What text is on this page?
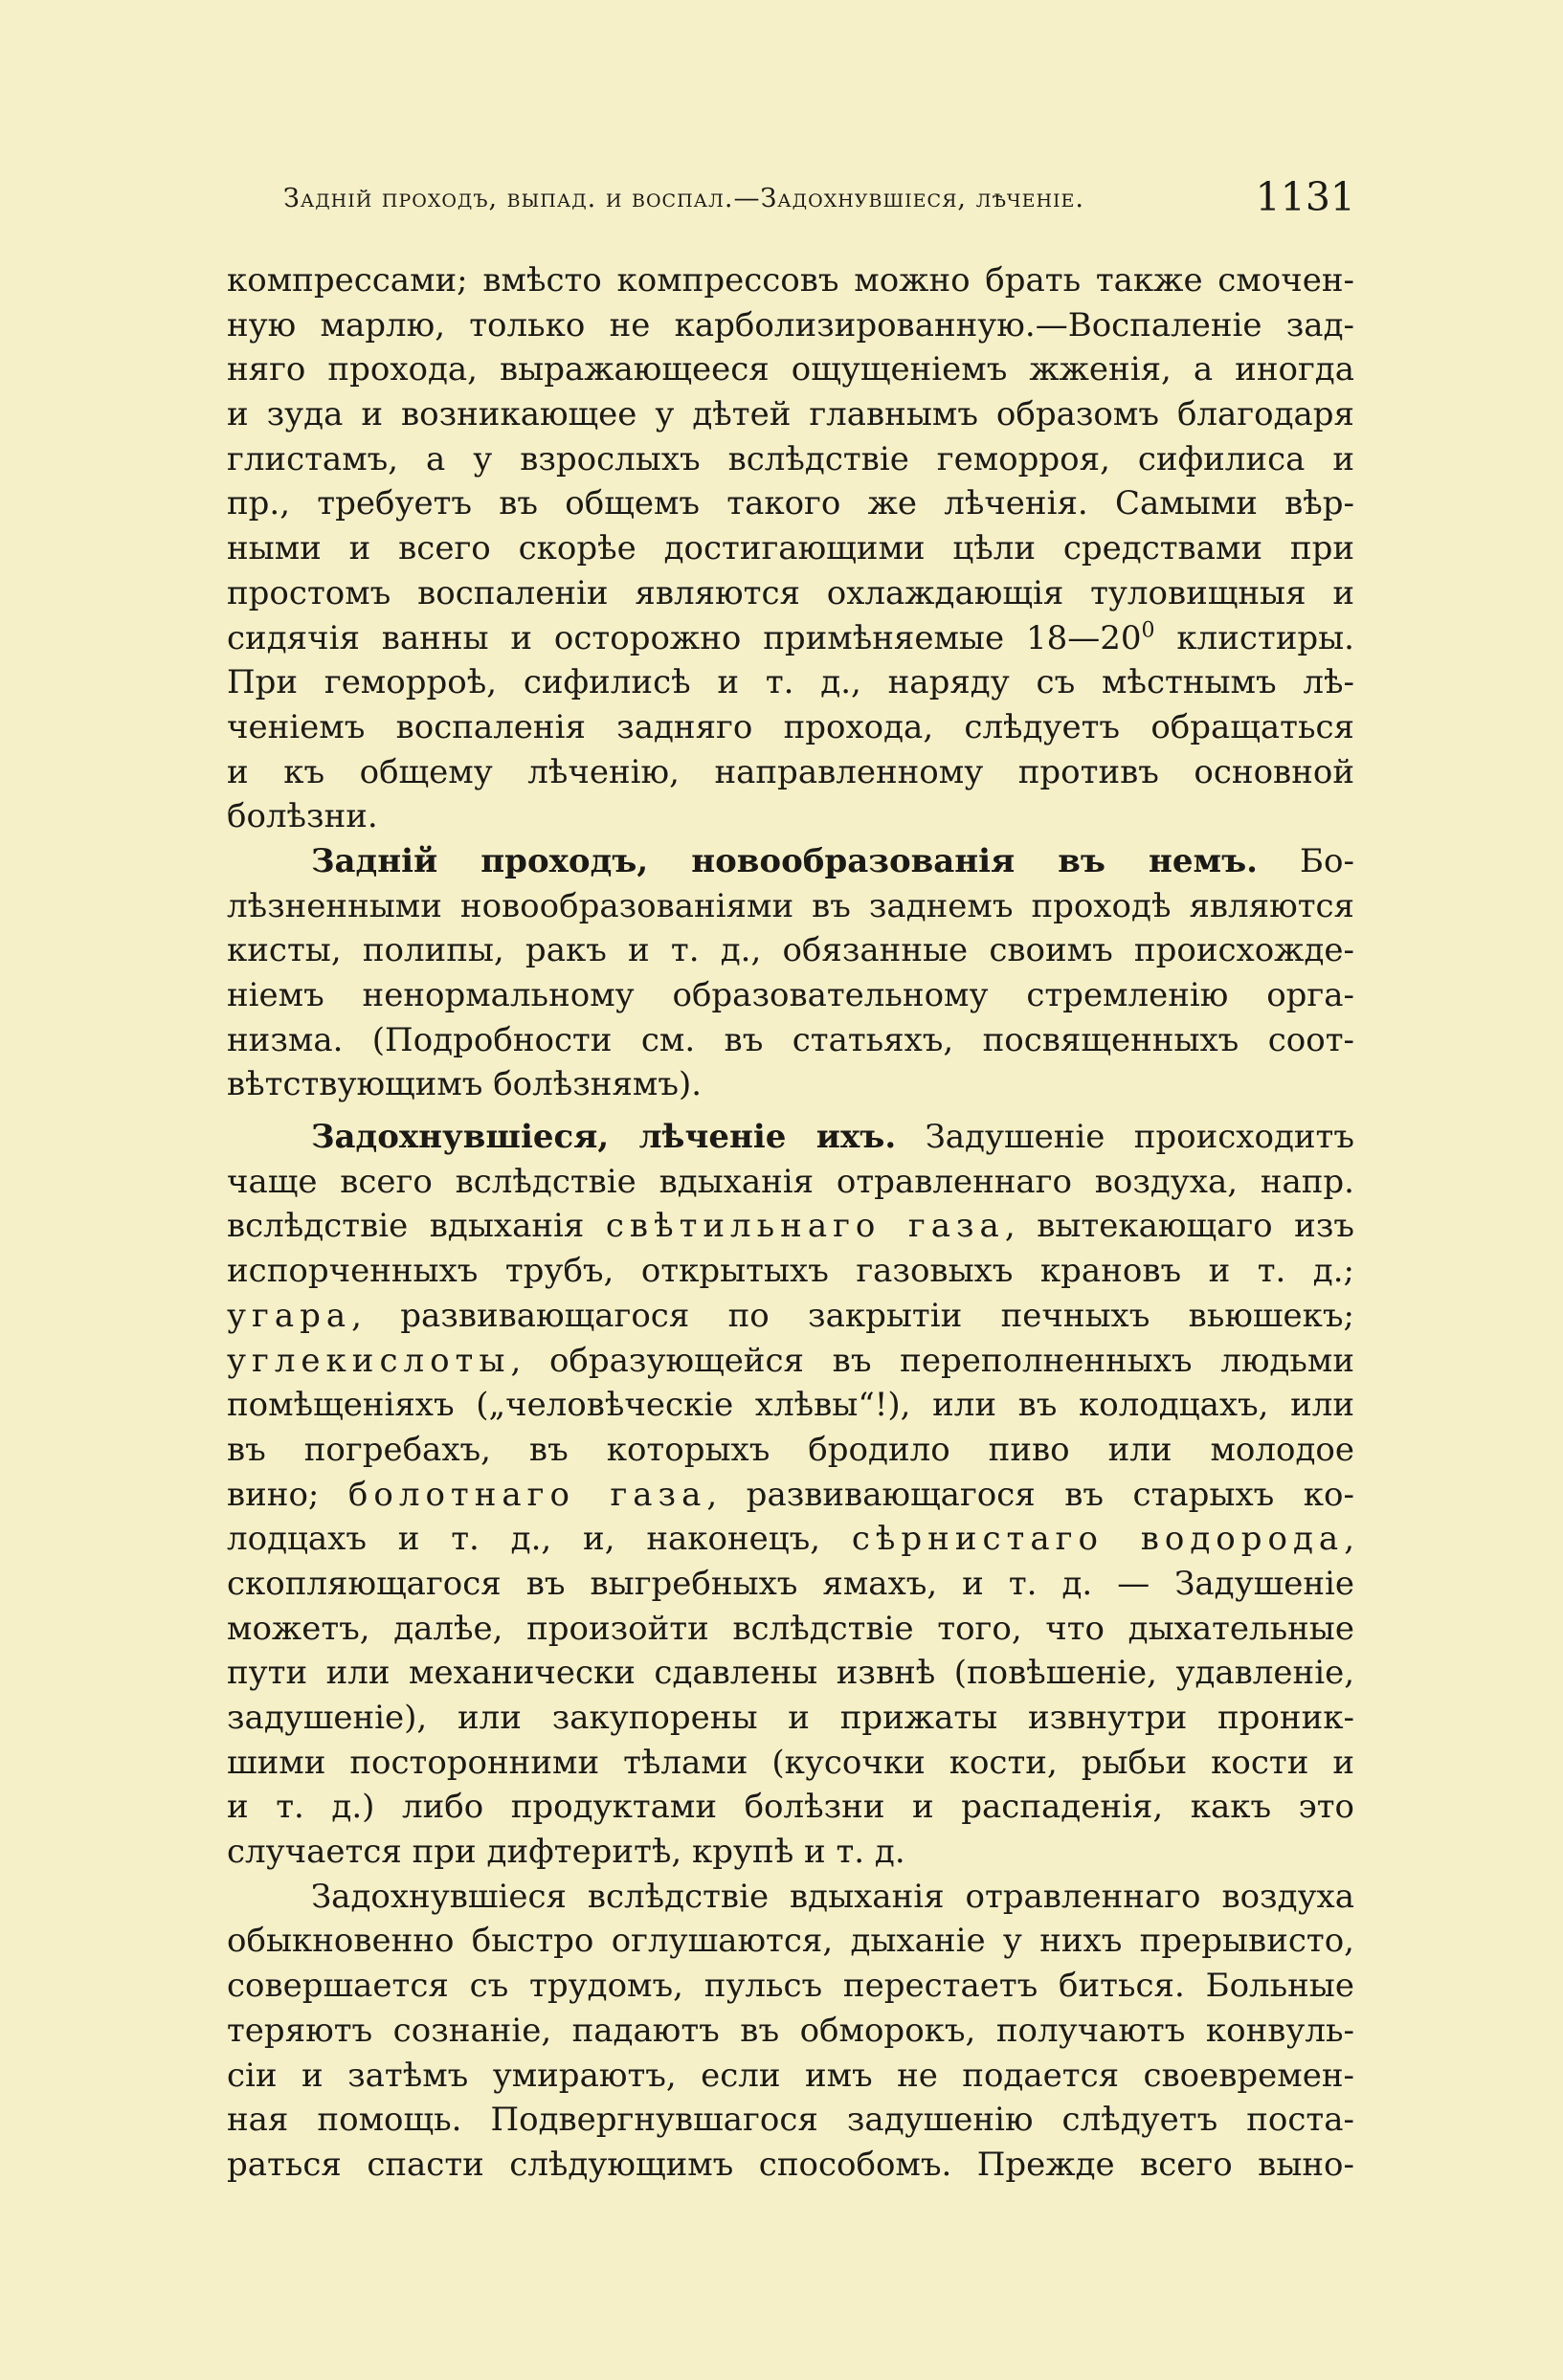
Задній проходъ, выпад. и воспал.—Задохнувшіеся, лѣченіе.	1131
компрессами; вмѣсто компрессовъ можно брать также смочен-
ную марлю, только не карболизированную.—Воспаленіе зад-
няго прохода, выражающееся ощущеніемъ жженія, а иногда
и зуда и возникающее у дѣтей главнымъ образомъ благодаря
глистамъ, а у взрослыхъ вслѣдствіе геморроя, сифилиса и
пр., требуетъ въ общемъ такого же лѣченія. Самыми вѣр-
ными и всего скорѣе достигающими цѣли средствами при
простомъ воспаленіи являются охлаждающія туловищныя и
сидячія ванны и осторожно примѣняемые $18—20^0$ клистиры.
При геморроѣ, сифилисѣ и т. д., наряду съ мѣстнымъ лѣ-
ченіемъ воспаленія задняго прохода, слѣдуетъ обращаться
и къ общему лѣченію, направленному противъ основной
болѣзни.
Задній проходъ, новообразованія въ немъ. Бо-
лѣзненными новообразованіями въ заднемъ проходѣ являются
кисты, полипы, ракъ и т. д., обязанные своимъ происхожде-
ніемъ ненормальному образовательному стремленію орга-
низма. (Подробности см. въ статьяхъ, посвященныхъ соот-
вѣтствующимъ болѣзнямъ).
Задохнувшіеся, лѣченіе ихъ. Задушеніе происходитъ
чаще всего вслѣдствіе вдыханія отравленнаго воздуха, напр.
вслѣдствіе вдыханія свѣтильнаго газа, вытекающаго изъ
испорченныхъ трубъ, открытыхъ газовыхъ крановъ и т. д.;
угара, развивающагося по закрытіи печныхъ вьюшекъ;
углекислоты, образующейся въ переполненныхъ людьми
помѣщеніяхъ („человѣческіе хлѣвы“!), или въ колодцахъ, или
въ погребахъ, въ которыхъ бродило пиво или молодое
вино; болотнаго газа, развивающагося въ старыхъ ко-
лодцахъ и т. д., и, наконецъ, сѣрнистаго водорода,
скопляющагося въ выгребныхъ ямахъ, и т. д. — Задушеніе
можетъ, далѣе, произойти вслѣдствіе того, что дыхательные
пути или механически сдавлены извнѣ (повѣшеніе, удавленіе,
задушеніе), или закупорены и прижаты извнутри проник-
шими посторонними тѣлами (кусочки кости, рыбьи кости и
и т. д.) либо продуктами болѣзни и распаденія, какъ это
случается при дифтеритѣ, крупѣ и т. д.
Задохнувшіеся вслѣдствіе вдыханія отравленнаго воздуха
обыкновенно быстро оглушаются, дыханіе у нихъ прерывисто,
совершается съ трудомъ, пульсъ перестаетъ биться. Больные
теряютъ сознаніе, падаютъ въ обморокъ, получаютъ конвуль-
сіи и затѣмъ умираютъ, если имъ не подается своевремен-
ная помощь. Подвергнувшагося задушенію слѣдуетъ поста-
раться спасти слѣдующимъ способомъ. Прежде всего выно-
